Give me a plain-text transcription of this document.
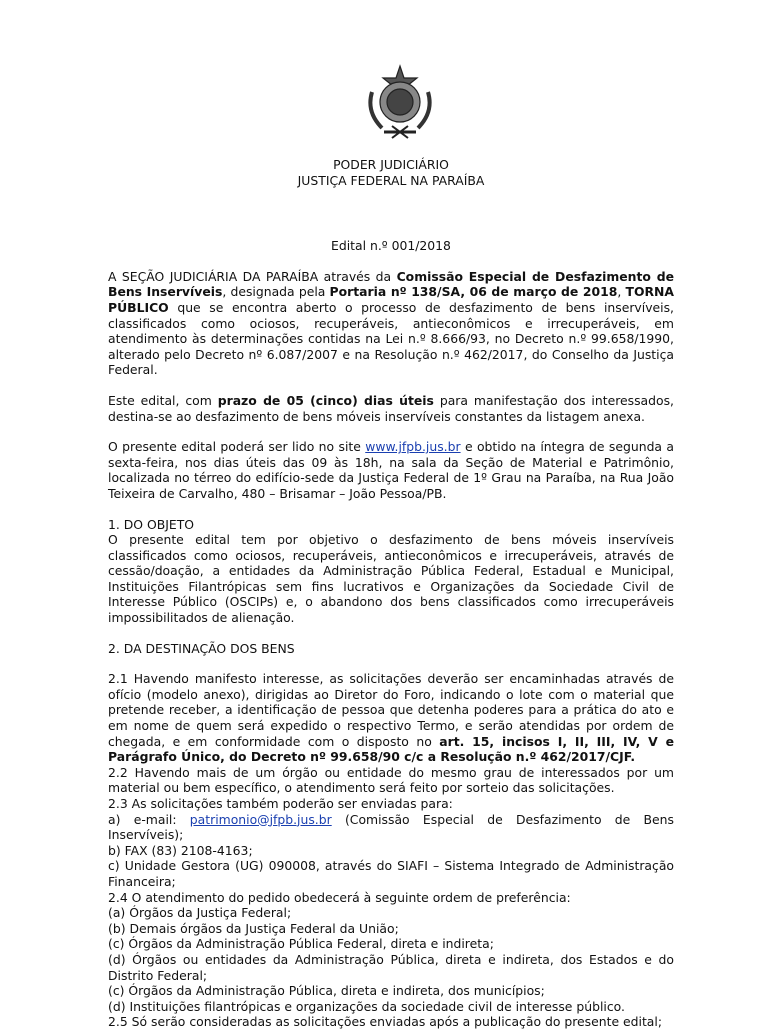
PODER JUDICIÁRIO

JUSTIÇA FEDERAL NA PARAÍBA

Edital n.º 001/2018

A SEÇÃO JUDICIÁRIA DA PARAÍBA através da Comissão Especial de Desfazimento de Bens Inservíveis, designada pela Portaria nº 138/SA, 06 de março de 2018, TORNA PÚBLICO que se encontra aberto o processo de desfazimento de bens inservíveis, classificados como ociosos, recuperáveis, antieconômicos e irrecuperáveis, em atendimento às determinações contidas na Lei n.º 8.666/93, no Decreto n.º 99.658/1990, alterado pelo Decreto nº 6.087/2007 e na Resolução n.º 462/2017, do Conselho da Justiça Federal.

Este edital, com prazo de 05 (cinco) dias úteis para manifestação dos interessados, destina-se ao desfazimento de bens móveis inservíveis constantes da listagem anexa.

O presente edital poderá ser lido no site www.jfpb.jus.br e obtido na íntegra de segunda a sexta-feira, nos dias úteis das 09 às 18h, na sala da Seção de Material e Patrimônio, localizada no térreo do edifício-sede da Justiça Federal de 1º Grau na Paraíba, na Rua João Teixeira de Carvalho, 480 – Brisamar – João Pessoa/PB.

1. DO OBJETO

O presente edital tem por objetivo o desfazimento de bens móveis inservíveis classificados como ociosos, recuperáveis, antieconômicos e irrecuperáveis, através de cessão/doação, a entidades da Administração Pública Federal, Estadual e Municipal, Instituições Filantrópicas sem fins lucrativos e Organizações da Sociedade Civil de Interesse Público (OSCIPs) e, o abandono dos bens classificados como irrecuperáveis impossibilitados de alienação.

2. DA DESTINAÇÃO DOS BENS

2.1 Havendo manifesto interesse, as solicitações deverão ser encaminhadas através de ofício (modelo anexo), dirigidas ao Diretor do Foro, indicando o lote com o material que pretende receber, a identificação de pessoa que detenha poderes para a prática do ato e em nome de quem será expedido o respectivo Termo, e serão atendidas por ordem de chegada, e em conformidade com o disposto no art. 15, incisos I, II, III, IV, V e Parágrafo Único, do Decreto nº 99.658/90 c/c a Resolução n.º 462/2017/CJF.

2.2 Havendo mais de um órgão ou entidade do mesmo grau de interessados por um material ou bem específico, o atendimento será feito por sorteio das solicitações.

2.3 As solicitações também poderão ser enviadas para:

a) e-mail: patrimonio@jfpb.jus.br (Comissão Especial de Desfazimento de Bens Inservíveis);

b) FAX (83) 2108-4163;

c) Unidade Gestora (UG) 090008, através do SIAFI – Sistema Integrado de Administração Financeira;

2.4 O atendimento do pedido obedecerá à seguinte ordem de preferência:

(a) Órgãos da Justiça Federal;

(b) Demais órgãos da Justiça Federal da União;

(c) Órgãos da Administração Pública Federal, direta e indireta;

(d) Órgãos ou entidades da Administração Pública, direta e indireta, dos Estados e do Distrito Federal;

(c) Órgãos da Administração Pública, direta e indireta, dos municípios;

(d) Instituições filantrópicas e organizações da sociedade civil de interesse público.

2.5 Só serão consideradas as solicitações enviadas após a publicação do presente edital;
